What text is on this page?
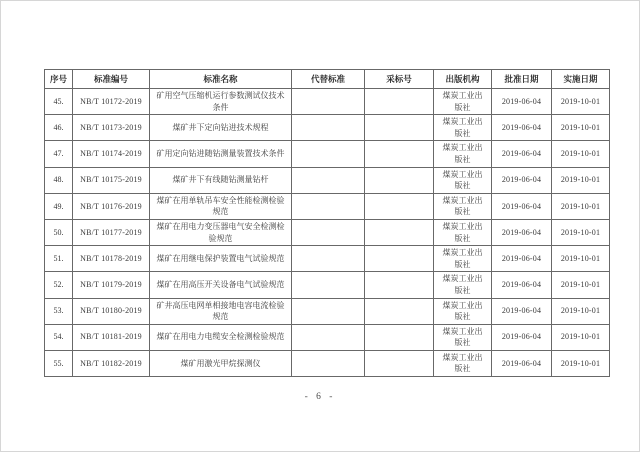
序号	标准编号	标准名称	代替标准	采标号	出版机构	批准日期	实施日期
45.	NB/T 10172-2019	矿用空气压缩机运行参数测试仪技术条件			煤炭工业出版社	2019-06-04	2019-10-01
46.	NB/T 10173-2019	煤矿井下定向钻进技术规程			煤炭工业出版社	2019-06-04	2019-10-01
47.	NB/T 10174-2019	矿用定向钻进随钻测量装置技术条件			煤炭工业出版社	2019-06-04	2019-10-01
48.	NB/T 10175-2019	煤矿井下有线随钻测量钻杆			煤炭工业出版社	2019-06-04	2019-10-01
49.	NB/T 10176-2019	煤矿在用单轨吊车安全性能检测检验规范			煤炭工业出版社	2019-06-04	2019-10-01
50.	NB/T 10177-2019	煤矿在用电力变压器电气安全检测检验规范			煤炭工业出版社	2019-06-04	2019-10-01
51.	NB/T 10178-2019	煤矿在用继电保护装置电气试验规范			煤炭工业出版社	2019-06-04	2019-10-01
52.	NB/T 10179-2019	煤矿在用高压开关设备电气试验规范			煤炭工业出版社	2019-06-04	2019-10-01
53.	NB/T 10180-2019	矿井高压电网单相接地电容电流检验规范			煤炭工业出版社	2019-06-04	2019-10-01
54.	NB/T 10181-2019	煤矿在用电力电缆安全检测检验规范			煤炭工业出版社	2019-06-04	2019-10-01
55.	NB/T 10182-2019	煤矿用激光甲烷探测仪			煤炭工业出版社	2019-06-04	2019-10-01
- 6 -
